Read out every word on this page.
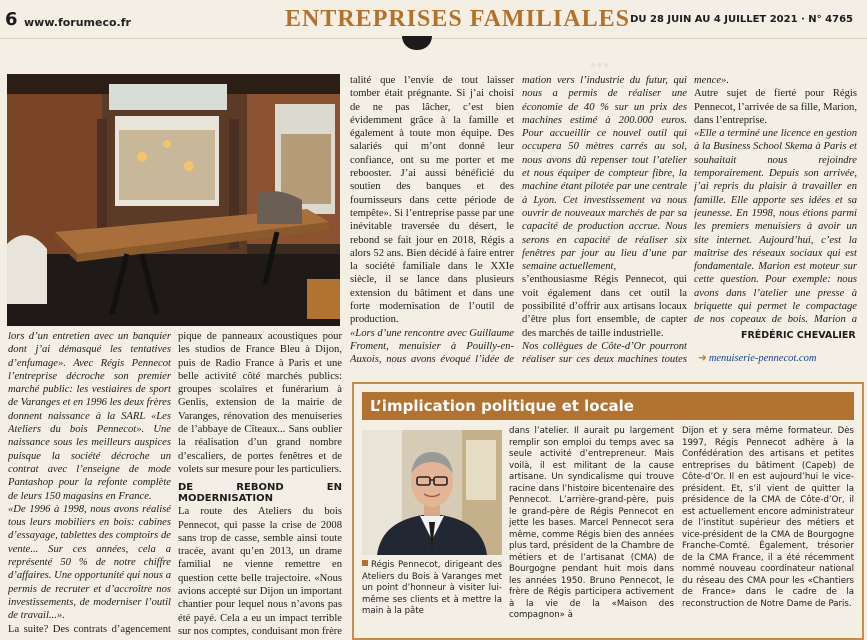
6 www.forumeco.fr	ENTREPRISES FAMILIALES DU 28 JUIN AU 4 JUILLET 2021 · N° 4765
...

lors d’un entretien avec un banquier dont j’ai démasqué les tentatives d’enfumage». Avec Régis Pennecot l’entreprise décroche son premier marché public: les vestiaires de sport de Varanges et en 1996 les deux frères donnent naissance à la SARL «Les Ateliers du bois Pennecot». Une naissance sous les meilleurs auspices puisque la société décroche un contrat avec l’enseigne de mode Pantashop pour la refonte complète de leurs 150 magasins en France.

«De 1996 à 1998, nous avons réalisé tous leurs mobiliers en bois: cabines d’essayage, tablettes des comptoirs de vente... Sur ces années, cela a représenté 50 % de notre chiffre d’affaires. Une opportunité qui nous a permis de recruter et d’accroître nos investissements, de moderniser l’outil de travail...».

La suite? Des contrats d’agencement

pique de panneaux acoustiques pour les studios de France Bleu à Dijon, puis de Radio France à Paris et une belle activité côté marchés publics: groupes scolaires et funérarium à Genlis, extension de la mairie de Varanges, rénovation des menuiseries de l’abbaye de Cîteaux... Sans oublier la réalisation d’un grand nombre d’escaliers, de portes fenêtres et de volets sur mesure pour les particuliers.

DE REBOND EN MODERNISATION

La route des Ateliers du bois Pennecot, qui passe la crise de 2008 sans trop de casse, semble ainsi toute tracée, avant qu’en 2013, un drame familial ne vienne remettre en question cette belle trajectoire. «Nous avions accepté sur Dijon un important chantier pour lequel nous n’avons pas été payé. Cela a eu un impact terrible sur nos comptes, conduisant mon frère

talité que l’envie de tout laisser tomber était prégnante. Si j’ai choisi de ne pas lâcher, c’est bien évidemment grâce à la famille et également à toute mon équipe. Des salariés qui m’ont donné leur confiance, ont su me porter et me rebooster. J’ai aussi bénéficié du soutien des banques et des fournisseurs dans cette période de tempête». Si l’entreprise passe par une inévitable traversée du désert, le rebond se fait jour en 2018, Régis a alors 52 ans. Bien décidé à faire entrer la société familiale dans le XXIe siècle, il se lance dans plusieurs extension du bâtiment et dans une forte modernisation de l’outil de production.

«Lors d’une rencontre avec Guillaume Froment, menuisier à Pouilly-en-Auxois, nous avons évoqué l’idée de

mation vers l’industrie du futur, qui nous a permis de réaliser une économie de 40 % sur un prix des machines estimé à 200.000 euros. Pour accueillir ce nouvel outil qui occupera 50 mètres carrés au sol, nous avons dû repenser tout l’atelier et nous équiper de compteur fibre, la machine étant pilotée par une centrale à Lyon. Cet investissement va nous ouvrir de nouveaux marchés de par sa capacité de production accrue. Nous serons en capacité de réaliser six fenêtres par jour au lieu d’une par semaine actuellement,

s’enthousiasme Régis Pennecot, qui voit également dans cet outil la possibilité d’offrir aux artisans locaux d’être plus fort ensemble, de capter des marchés de taille industrielle.

Nos collègues de Côte-d’Or pourront réaliser sur ces deux machines toutes

mence».

Autre sujet de fierté pour Régis Pennecot, l’arrivée de sa fille, Marion, dans l’entreprise.

«Elle a terminé une licence en gestion à la Business School Skema à Paris et souhaitait nous rejoindre temporairement. Depuis son arrivée, j’ai repris du plaisir à travailler en famille. Elle apporte ses idées et sa jeunesse. En 1998, nous étions parmi les premiers menuisiers à avoir un site internet. Aujourd’hui, c’est la maîtrise des réseaux sociaux qui est fondamentale. Marion est moteur sur cette question. Pour exemple: nous avons dans l’atelier une presse à briquette qui permet le compactage de nos copeaux de bois. Marion a

FRÉDÉRIC CHEVALIER
➜ menuiserie-pennecot.com
L’implication politique et locale
Régis Pennecot, dirigeant des Ateliers du Bois à Varanges met un point d’honneur à visiter lui-même ses clients et à mettre la main à la pâte

dans l’atelier. Il aurait pu largement remplir son emploi du temps avec sa seule activité d’entrepreneur. Mais voilà, il est militant de la cause artisane. Un syndicalisme qui trouve racine dans l’histoire bicentenaire des Pennecot. L’arrière-grand-père, puis le grand-père de Régis Pennecot en jette les bases. Marcel Pennecot sera même, comme Régis bien des années plus tard, président de la Chambre de métiers et de l’artisanat (CMA) de Bourgogne pendant huit mois dans les années 1950. Bruno Pennecot, le frère de Régis participera activement à la vie de la «Maison des compagnon» à

Dijon et y sera même formateur. Dès 1997, Régis Pennecot adhère à la Confédération des artisans et petites entreprises du bâtiment (Capeb) de Côte-d’Or. Il en est aujourd’hui le vice-président. Et, s’il vient de quitter la présidence de la CMA de Côte-d’Or, il est actuellement encore administrateur de l’institut supérieur des métiers et vice-président de la CMA de Bourgogne Franche-Comté. Également, trésorier de la CMA France, il a été récemment nommé nouveau coordinateur national du réseau des CMA pour les «Chantiers de France» dans le cadre de la reconstruction de Notre Dame de Paris.
